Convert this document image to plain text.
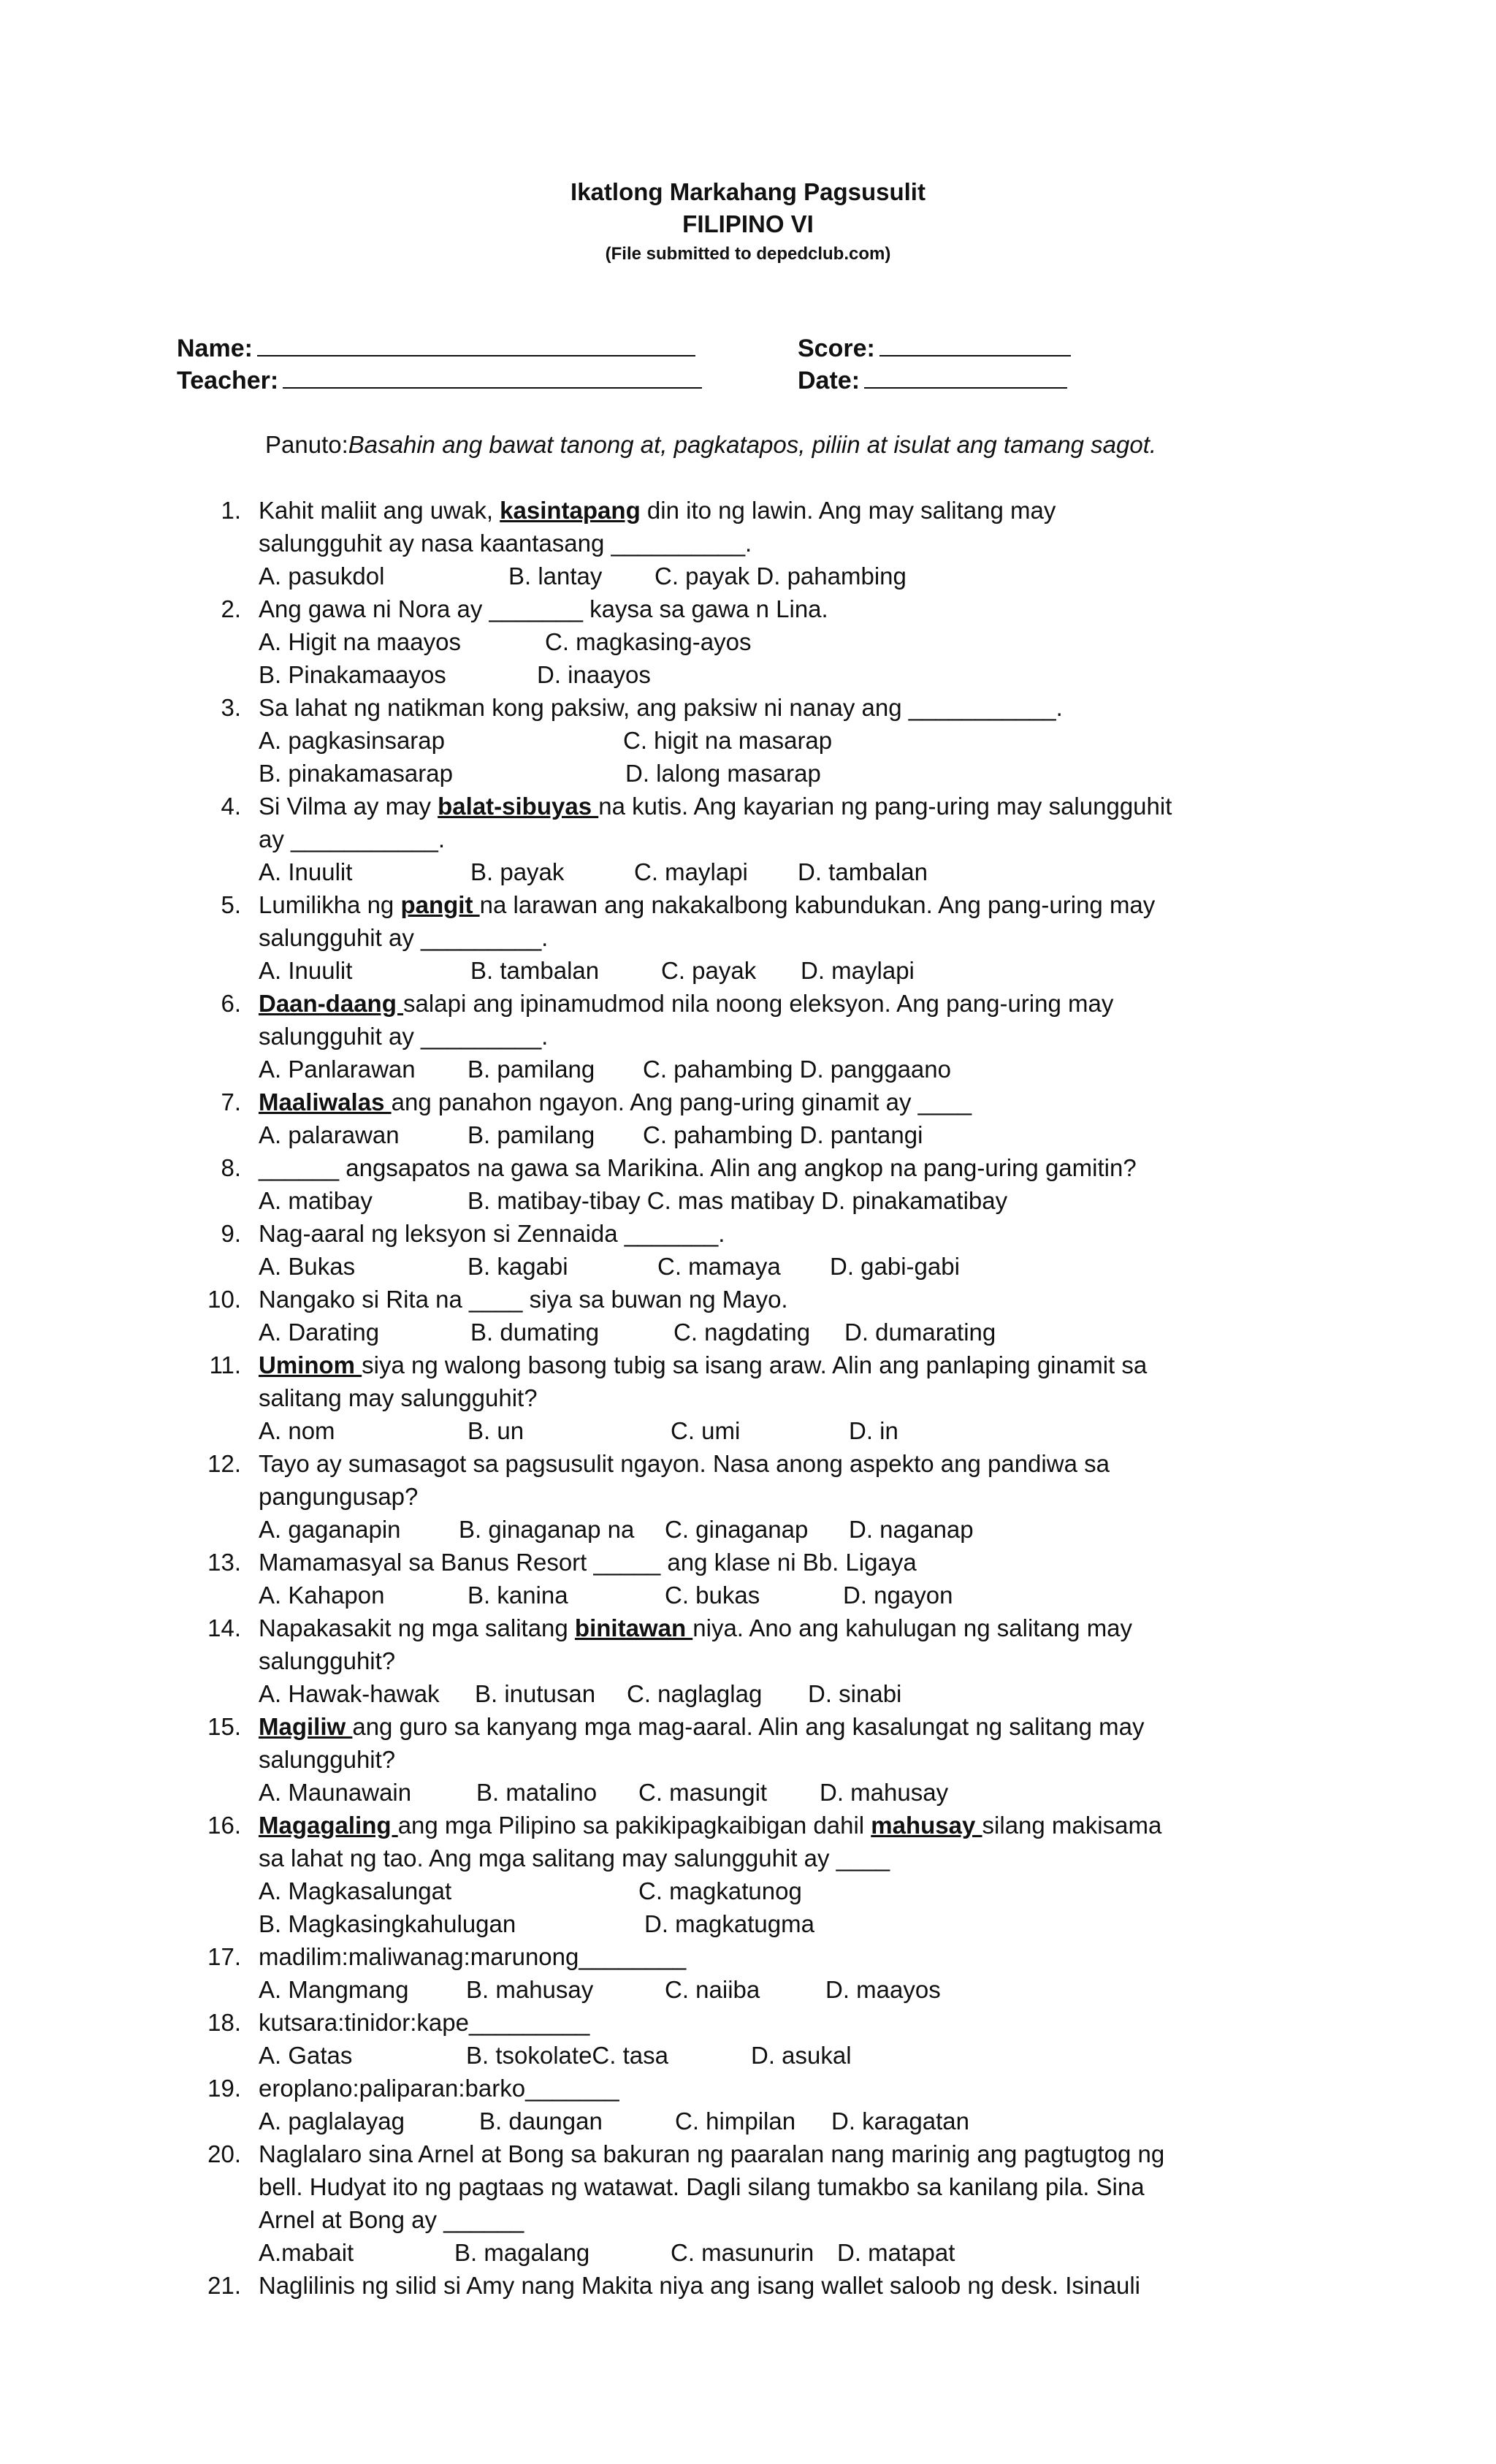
Ikatlong Markahang Pagsusulit
FILIPINO VI
(File submitted to depedclub.com)
Name:
Teacher:
Score:
Date:
Panuto:Basahin ang bawat tanong at, pagkatapos, piliin at isulat ang tamang sagot.
1. Kahit maliit ang uwak, kasintapang din ito ng lawin. Ang may salitang may
salungguhit ay nasa kaantasang __________.
A. pasukdol	B. lantay C. payak D. pahambing
2. Ang gawa ni Nora ay _______ kaysa sa gawa n Lina.
A. Higit na maayos	C. magkasing-ayos
B. Pinakamaayos	D. inaayos
3. Sa lahat ng natikman kong paksiw, ang paksiw ni nanay ang ___________.
A. pagkasinsarap	C. higit na masarap
B. pinakamasarap	D. lalong masarap
4. Si Vilma ay may balat-sibuyas na kutis. Ang kayarian ng pang-uring may salungguhit
ay ___________.
A. Inuulit	B. payak	C. maylapi D. tambalan
5. Lumilikha ng pangit na larawan ang nakakalbong kabundukan. Ang pang-uring may
salungguhit ay _________.
A. Inuulit	B. tambalan	C. payak D. maylapi
6. Daan-daang salapi ang ipinamudmod nila noong eleksyon. Ang pang-uring may
salungguhit ay _________.
A. Panlarawan B. pamilang C. pahambing D. panggaano
7. Maaliwalas ang panahon ngayon. Ang pang-uring ginamit ay ____
A. palarawan	B. pamilang C. pahambing D. pantangi
8. ______ angsapatos na gawa sa Marikina. Alin ang angkop na pang-uring gamitin?
A. matibay	B. matibay-tibay C. mas matibay D. pinakamatibay
9. Nag-aaral ng leksyon si Zennaida _______.
A. Bukas	B. kagabi	C. mamaya D. gabi-gabi
10. Nangako si Rita na ____ siya sa buwan ng Mayo.
A. Darating	B. dumating	C. nagdating D. dumarating
11. Uminom siya ng walong basong tubig sa isang araw. Alin ang panlaping ginamit sa
salitang may salungguhit?
A. nom	B. un	C. umi	D. in
12. Tayo ay sumasagot sa pagsusulit ngayon. Nasa anong aspekto ang pandiwa sa
pangungusap?
A. gaganapin B. ginaganap na C. ginaganap D. naganap
13. Mamamasyal sa Banus Resort _____ ang klase ni Bb. Ligaya
A. Kahapon	B. kanina	C. bukas	D. ngayon
14. Napakasakit ng mga salitang binitawan niya. Ano ang kahulugan ng salitang may
salungguhit?
A. Hawak-hawak B. inutusan C. naglaglag D. sinabi
15. Magiliw ang guro sa kanyang mga mag-aaral. Alin ang kasalungat ng salitang may
salungguhit?
A. Maunawain	B. matalino C. masungit D. mahusay
16. Magagaling ang mga Pilipino sa pakikipagkaibigan dahil mahusay silang makisama
sa lahat ng tao. Ang mga salitang may salungguhit ay ____
A. Magkasalungat	C. magkatunog
B. Magkasingkahulugan	D. magkatugma
17. madilim:maliwanag:marunong________
A. Mangmang B. mahusay	C. naiiba	D. maayos
18. kutsara:tinidor:kape_________
A. Gatas	B. tsokolateC. tasa	D. asukal
19. eroplano:paliparan:barko_______
A. paglalayag	B. daungan	C. himpilan D. karagatan
20. Naglalaro sina Arnel at Bong sa bakuran ng paaralan nang marinig ang pagtugtog ng
bell. Hudyat ito ng pagtaas ng watawat. Dagli silang tumakbo sa kanilang pila. Sina
Arnel at Bong ay ______
A.mabait	B. magalang	C. masunurin D. matapat
21. Naglilinis ng silid si Amy nang Makita niya ang isang wallet saloob ng desk. Isinauli
